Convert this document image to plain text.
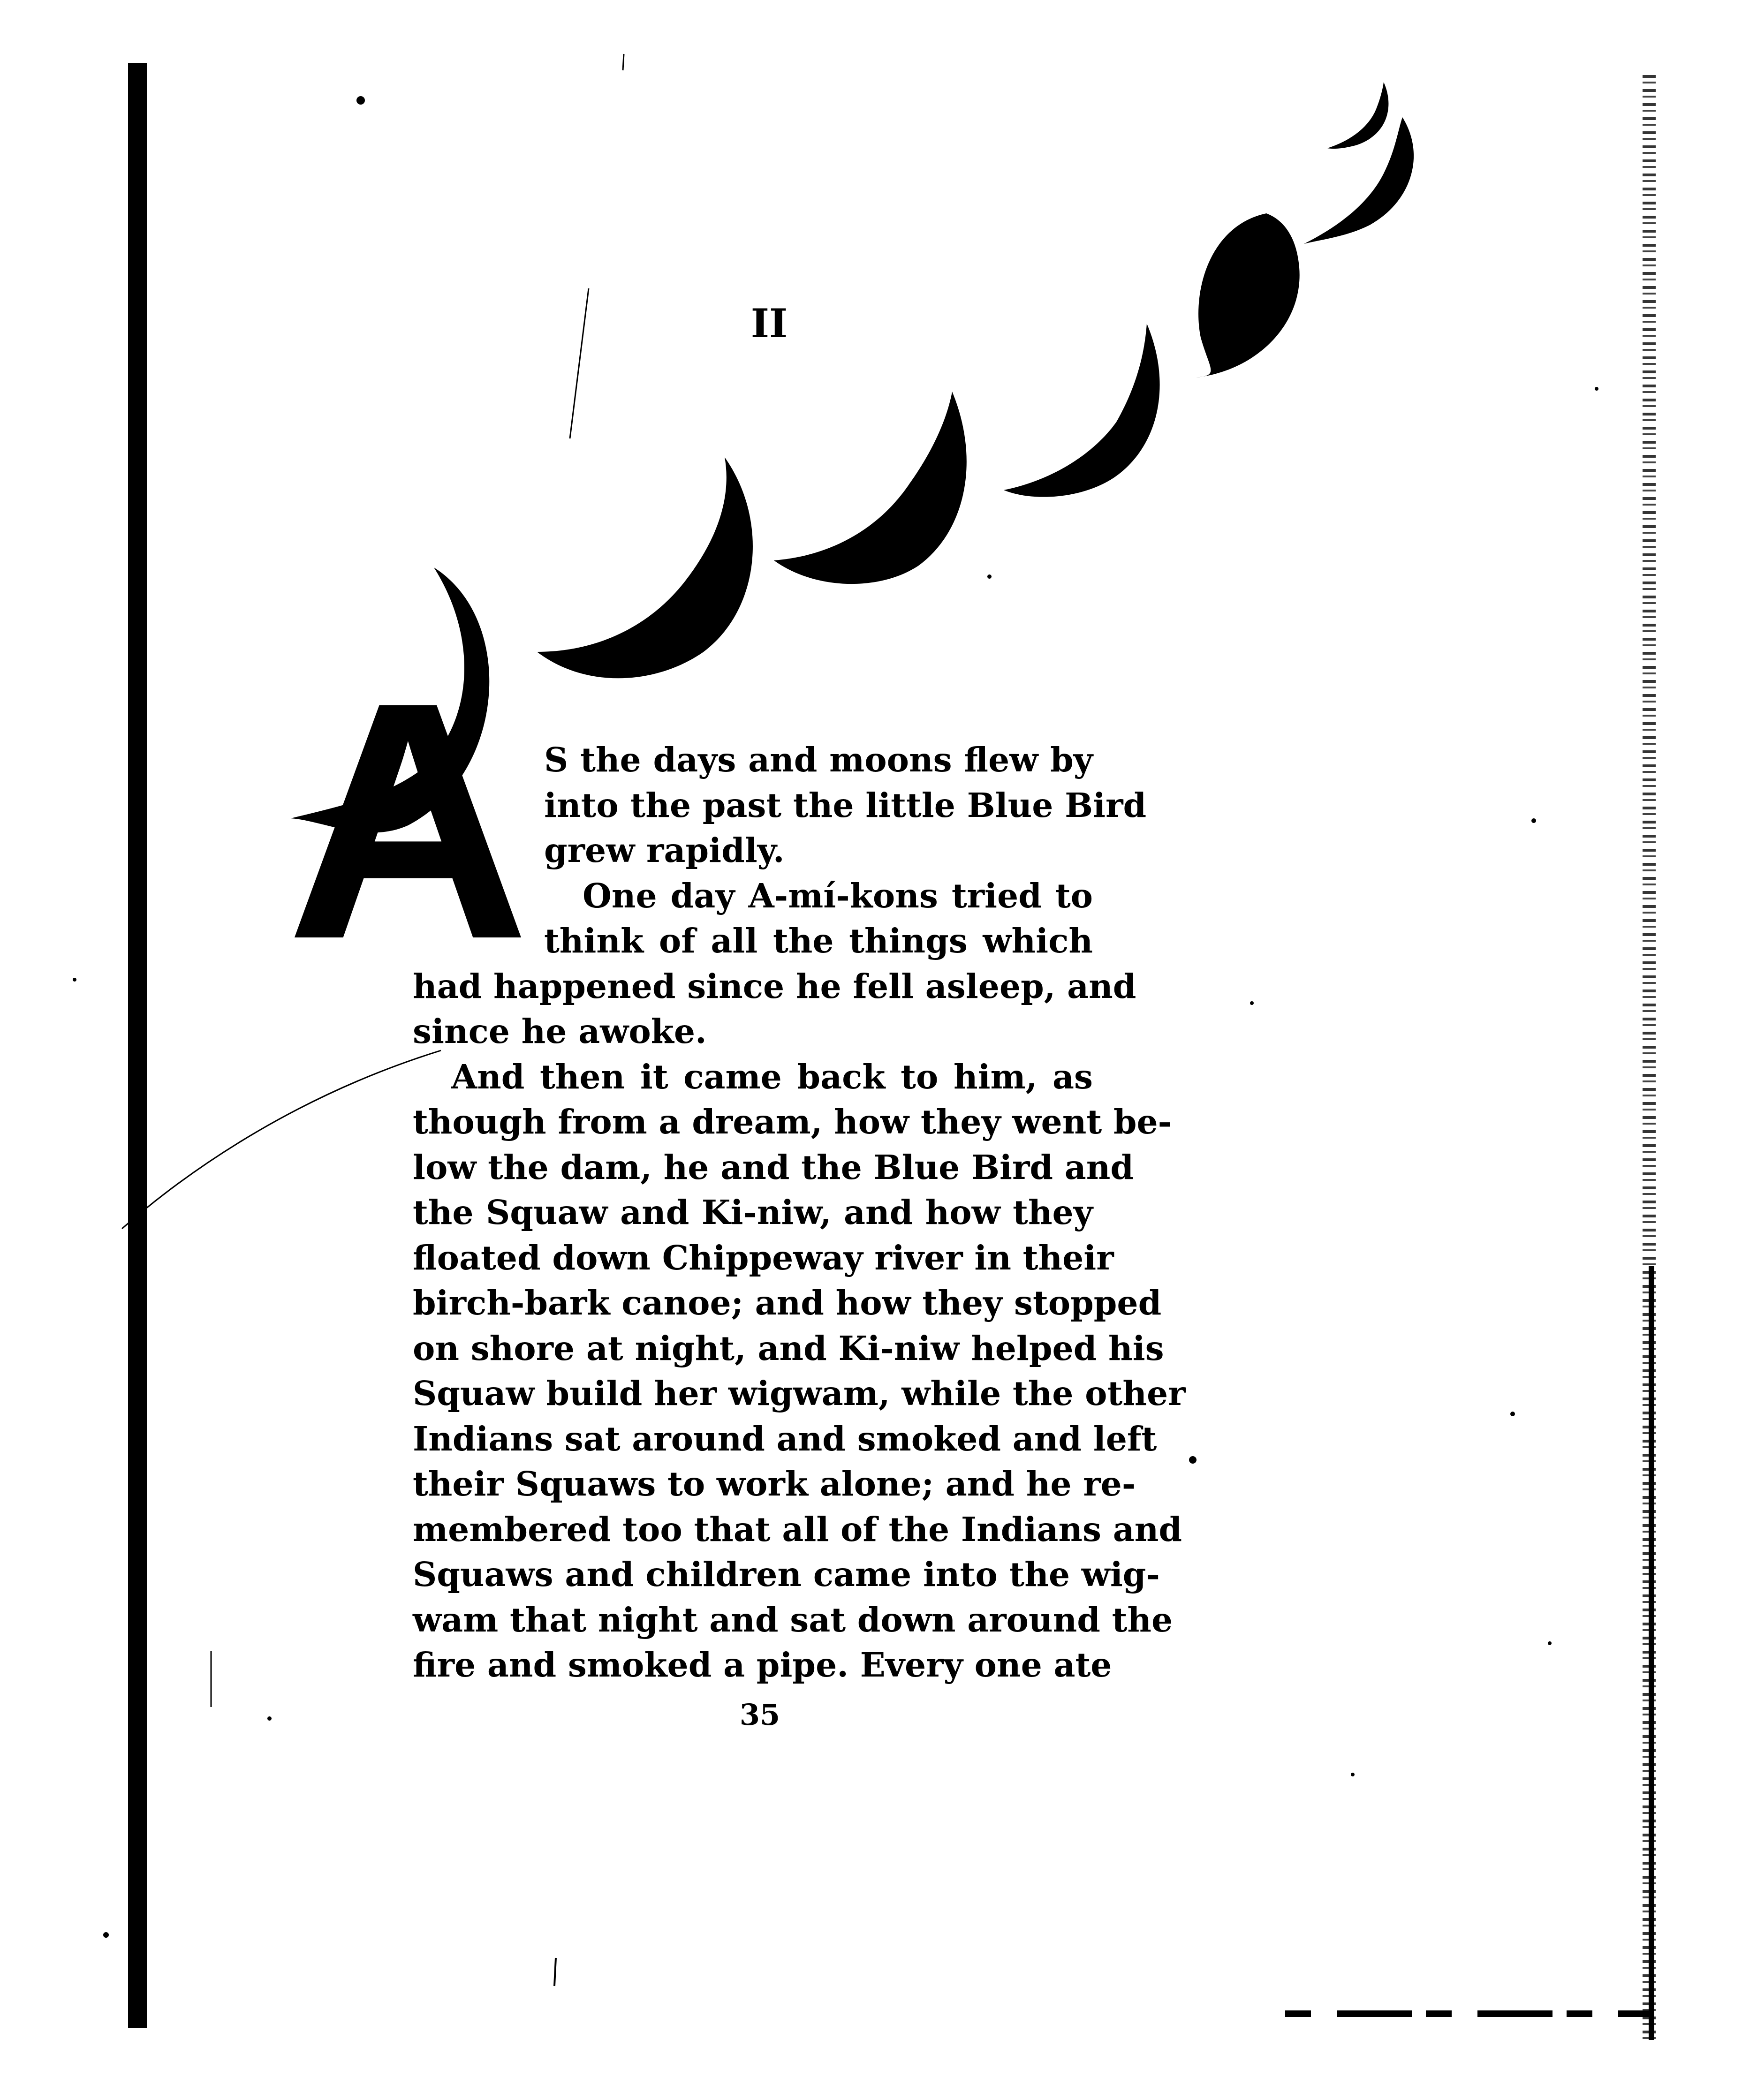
II
A S the days and moons flew by
into the past the little Blue Bird
grew rapidly.

One day A-mí-kons tried to
think of all the things which
had happened since he fell asleep, and
since he awoke.

And then it came back to him, as
though from a dream, how they went be-
low the dam, he and the Blue Bird and
the Squaw and Ki-niw, and how they
floated down Chippeway river in their
birch-bark canoe; and how they stopped
on shore at night, and Ki-niw helped his
Squaw build her wigwam, while the other
Indians sat around and smoked and left
their Squaws to work alone; and he re-
membered too that all of the Indians and
Squaws and children came into the wig-
wam that night and sat down around the
fire and smoked a pipe. Every one ate

35
